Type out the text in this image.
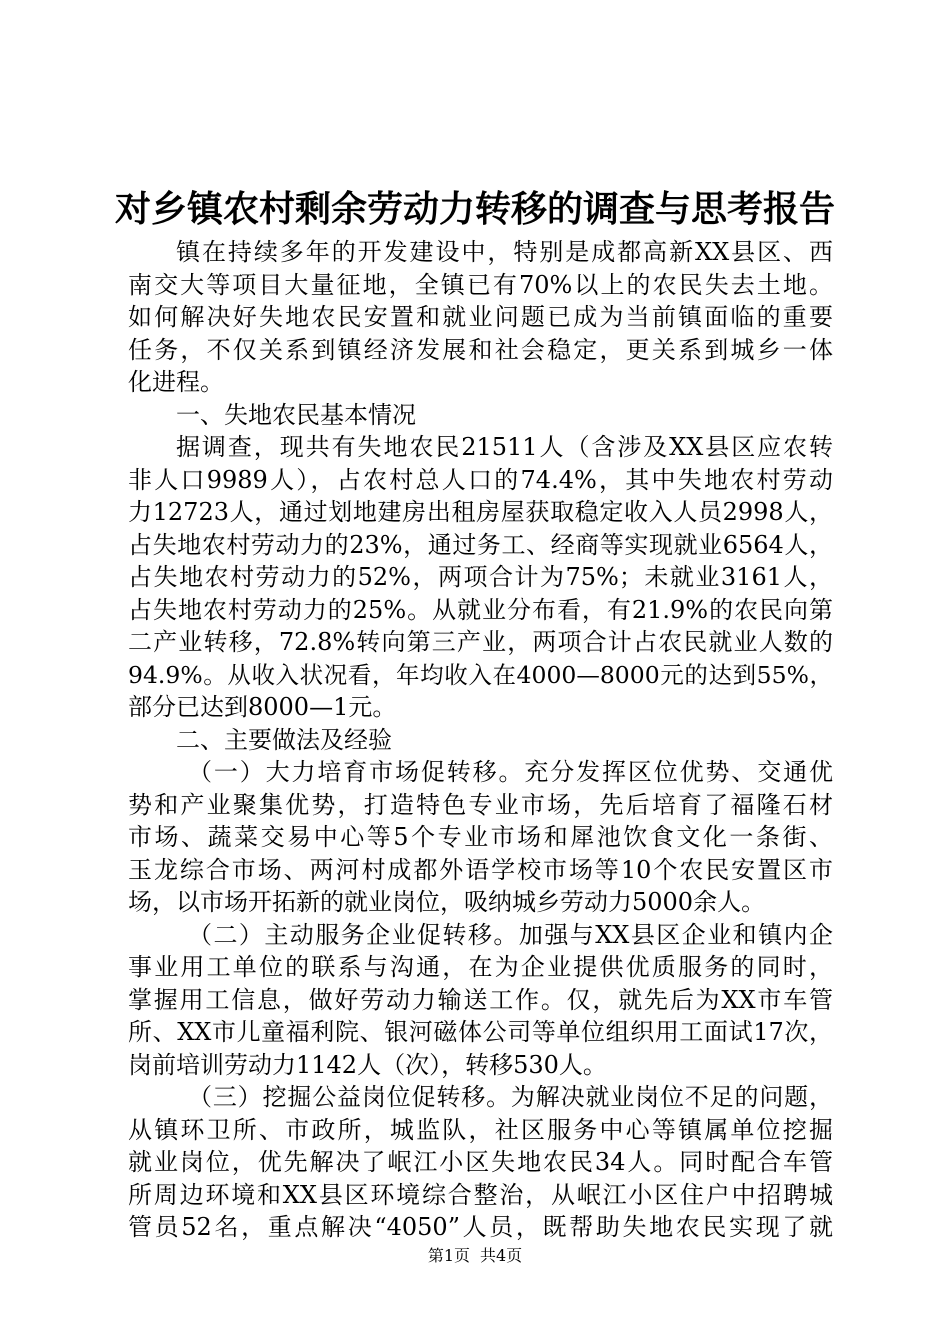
对乡镇农村剩余劳动力转移的调查与思考报告
镇在持续多年的开发建设中，特别是成都高新XX县区、西
南交大等项目大量征地，全镇已有70%以上的农民失去土地。
如何解决好失地农民安置和就业问题已成为当前镇面临的重要
任务，不仅关系到镇经济发展和社会稳定，更关系到城乡一体
化进程。
一、失地农民基本情况
据调查，现共有失地农民21511人（含涉及XX县区应农转
非人口9989人），占农村总人口的74.4%，其中失地农村劳动
力12723人，通过划地建房出租房屋获取稳定收入人员2998人，
占失地农村劳动力的23%，通过务工、经商等实现就业6564人，
占失地农村劳动力的52%，两项合计为75%；未就业3161人，
占失地农村劳动力的25%。从就业分布看，有21.9%的农民向第
二产业转移，72.8%转向第三产业，两项合计占农民就业人数的
94.9%。从收入状况看，年均收入在4000—8000元的达到55%，
部分已达到8000—1元。
二、主要做法及经验
（一）大力培育市场促转移。充分发挥区位优势、交通优
势和产业聚集优势，打造特色专业市场，先后培育了福隆石材
市场、蔬菜交易中心等5个专业市场和犀池饮食文化一条街、
玉龙综合市场、两河村成都外语学校市场等10个农民安置区市
场，以市场开拓新的就业岗位，吸纳城乡劳动力5000余人。
（二）主动服务企业促转移。加强与XX县区企业和镇内企
事业用工单位的联系与沟通，在为企业提供优质服务的同时，
掌握用工信息，做好劳动力输送工作。仅，就先后为XX市车管
所、XX市儿童福利院、银河磁体公司等单位组织用工面试17次，
岗前培训劳动力1142人（次），转移530人。
（三）挖掘公益岗位促转移。为解决就业岗位不足的问题，
从镇环卫所、市政所，城监队，社区服务中心等镇属单位挖掘
就业岗位，优先解决了岷江小区失地农民34人。同时配合车管
所周边环境和XX县区环境综合整治，从岷江小区住户中招聘城
管员52名，重点解决“4050”人员，既帮助失地农民实现了就
第1页 共4页
